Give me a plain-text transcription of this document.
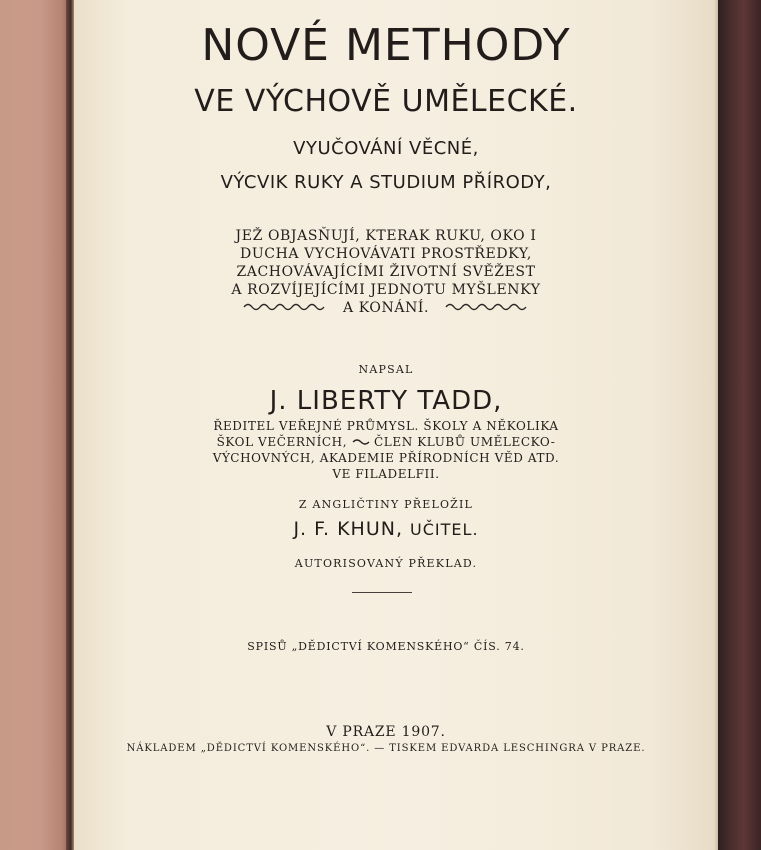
NOVÉ METHODY
VE VÝCHOVĚ UMĚLECKÉ.
VYUČOVÁNÍ VĚCNÉ,
VÝCVIK RUKY A STUDIUM PŘÍRODY,
JEŽ OBJASŇUJÍ, KTERAK RUKU, OKO I
DUCHA VYCHOVÁVATI PROSTŘEDKY,
ZACHOVÁVAJÍCÍMI ŽIVOTNÍ SVĚŽEST
A ROZVÍJEJÍCÍMI JEDNOTU MYŠLENKY
A KONÁNÍ.
NAPSAL
J. LIBERTY TADD,
ŘEDITEL VEŘEJNÉ PRŮMYSL. ŠKOLY A NĚKOLIKA
ŠKOL VEČERNÍCH, ČLEN KLUBŮ UMĚLECKO-
VÝCHOVNÝCH, AKADEMIE PŘÍRODNÍCH VĚD ATD.
VE FILADELFII.
Z ANGLIČTINY PŘELOŽIL
J. F. KHUN, UČITEL.
AUTORISOVANÝ PŘEKLAD.
SPISŮ „DĚDICTVÍ KOMENSKÉHO“ ČÍS. 74.
V PRAZE 1907.
NÁKLADEM „DĚDICTVÍ KOMENSKÉHO“. — TISKEM EDVARDA LESCHINGRA V PRAZE.
